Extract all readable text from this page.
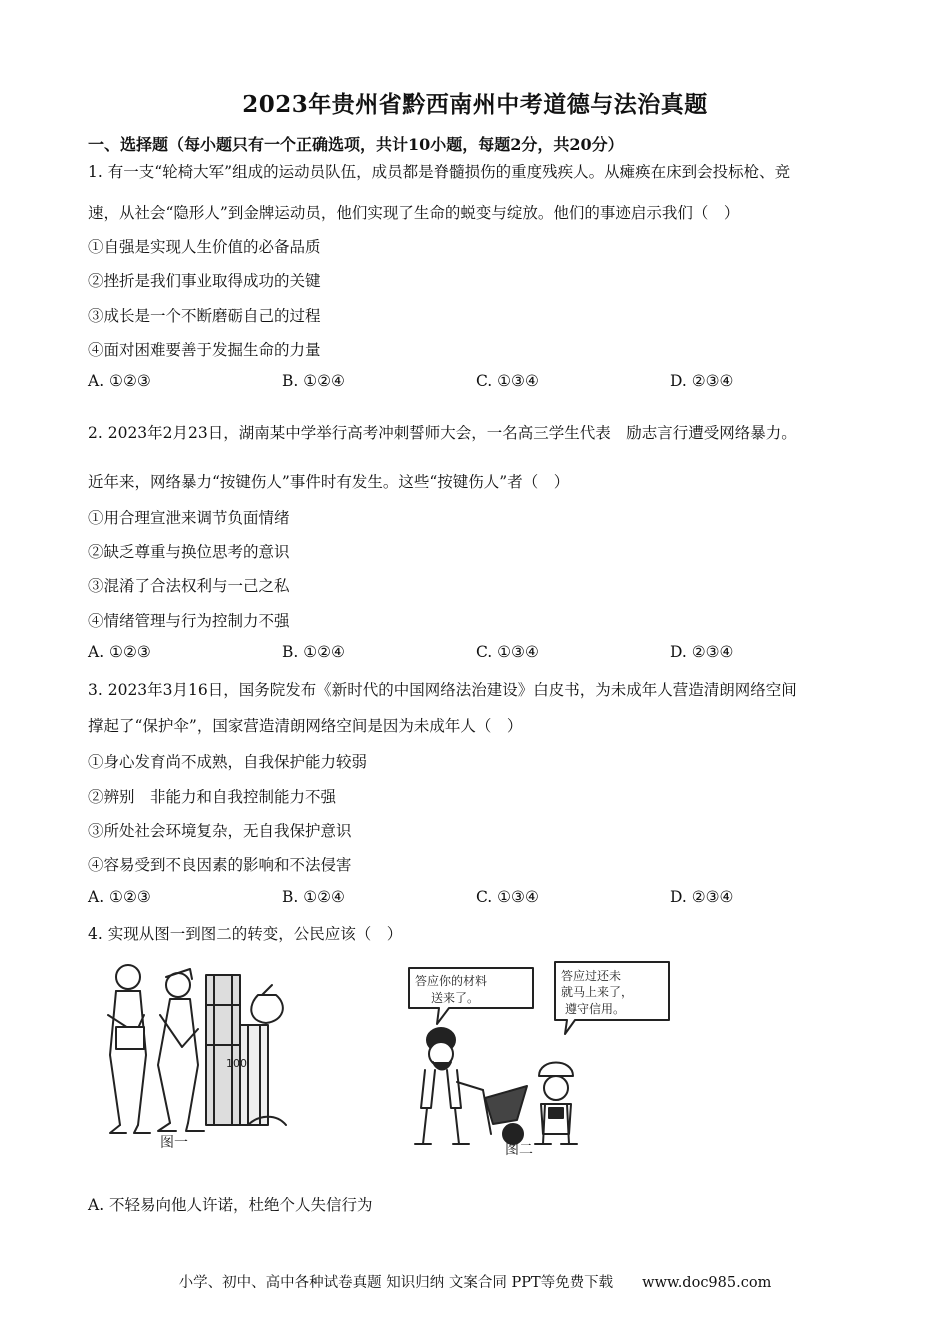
2023年贵州省黔西南州中考道德与法治真题
一、选择题（每小题只有一个正确选项，共计10小题，每题2分，共20分）
1. 有一支“轮椅大军”组成的运动员队伍，成员都是脊髓损伤的重度残疾人。从瘫痪在床到会投标枪、竞
速，从社会“隐形人”到金牌运动员，他们实现了生命的蜕变与绽放。他们的事迹启示我们（　）
①自强是实现人生价值的必备品质
②挫折是我们事业取得成功的关键
③成长是一个不断磨砺自己的过程
④面对困难要善于发掘生命的力量
A. ①②③	B. ①②④	C. ①③④	D. ②③④
2. 2023年2月23日，湖南某中学举行高考冲刺誓师大会，一名高三学生代表　励志言行遭受网络暴力。
近年来，网络暴力“按键伤人”事件时有发生。这些“按键伤人”者（　）
①用合理宣泄来调节负面情绪
②缺乏尊重与换位思考的意识
③混淆了合法权利与一己之私
④情绪管理与行为控制力不强
A. ①②③	B. ①②④	C. ①③④	D. ②③④
3. 2023年3月16日，国务院发布《新时代的中国网络法治建设》白皮书，为未成年人营造清朗网络空间
撑起了“保护伞”，国家营造清朗网络空间是因为未成年人（　）
①身心发育尚不成熟，自我保护能力较弱
②辨别　非能力和自我控制能力不强
③所处社会环境复杂，无自我保护意识
④容易受到不良因素的影响和不法侵害
A. ①②③	B. ①②④	C. ①③④	D. ②③④
4. 实现从图一到图二的转变，公民应该（　）
100
图一
答应你的材料 送来了。 答应过还未 就马上来了， 遵守信用。
图二
A. 不轻易向他人许诺，杜绝个人失信行为
小学、初中、高中各种试卷真题 知识归纳 文案合同 PPT等免费下载　　www.doc985.com
